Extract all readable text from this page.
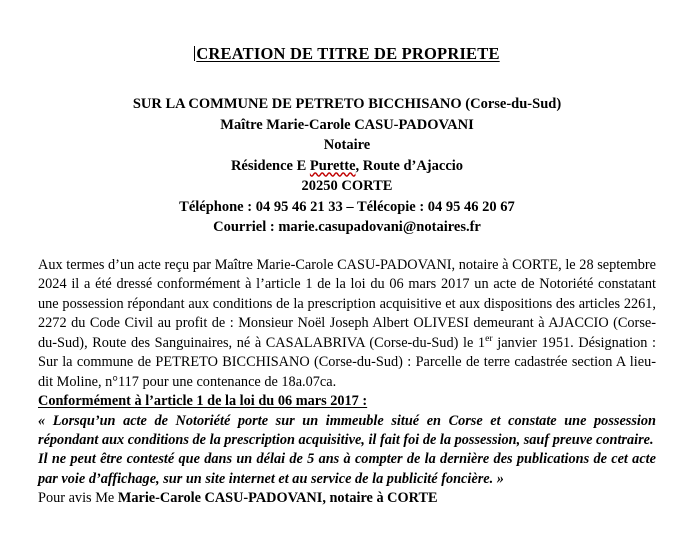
CREATION DE TITRE DE PROPRIETE
SUR LA COMMUNE DE PETRETO BICCHISANO (Corse-du-Sud)
Maître Marie-Carole CASU-PADOVANI
Notaire
Résidence E Purette, Route d’Ajaccio
20250 CORTE
Téléphone : 04 95 46 21 33 – Télécopie : 04 95 46 20 67
Courriel : marie.casupadovani@notaires.fr

Aux termes d’un acte reçu par Maître Marie-Carole CASU-PADOVANI, notaire à CORTE, le 28 septembre 2024 il a été dressé conformément à l’article 1 de la loi du 06 mars 2017 un acte de Notoriété constatant une possession répondant aux conditions de la prescription acquisitive et aux dispositions des articles 2261, 2272 du Code Civil au profit de : Monsieur Noël Joseph Albert OLIVESI demeurant à AJACCIO (Corse-du-Sud), Route des Sanguinaires, né à CASALABRIVA (Corse-du-Sud) le 1er janvier 1951. Désignation : Sur la commune de PETRETO BICCHISANO (Corse-du-Sud) : Parcelle de terre cadastrée section A lieu-dit Moline, n°117 pour une contenance de 18a.07ca.

Conformément à l’article 1 de la loi du 06 mars 2017 :

« Lorsqu’un acte de Notoriété porte sur un immeuble situé en Corse et constate une possession répondant aux conditions de la prescription acquisitive, il fait foi de la possession, sauf preuve contraire.

Il ne peut être contesté que dans un délai de 5 ans à compter de la dernière des publications de cet acte par voie d’affichage, sur un site internet et au service de la publicité foncière. »

Pour avis Me Marie-Carole CASU-PADOVANI, notaire à CORTE
